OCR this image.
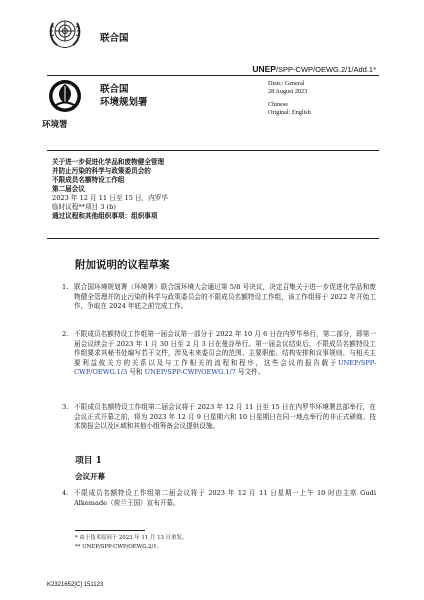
联合国
UNEP/SPP-CWP/OEWG.2/1/Add.1*
联合国
环境规划署
环境署
Distr.: General
28 August 2023
Chinese
Original: English
关于进一步促进化学品和废物健全管理
并防止污染的科学与政策委员会的
不限成员名额特设工作组
第二届会议
2023 年 12 月 11 日至 15 日，内罗毕
临时议程**项目 3 (b)
通过议程和其他组织事项：组织事项
附加说明的议程草案
1. 联合国环境规划署（环境署）联合国环境大会通过第 5/8 号决议，决定召集关于进一步促进化学品和废物健全管理并防止污染的科学与政策委员会的不限成员名额特设工作组，该工作组将于 2022 年开始工作，争取在 2024 年底之前完成工作。
2. 不限成员名额特设工作组第一届会议第一部分于 2022 年 10 月 6 日在内罗毕举行，第二部分，即第一届会议续会于 2023 年 1 月 30 日至 2 月 3 日在曼谷举行。第一届会议结束后，不限成员名额特设工作组要求其秘书处编写若干文件，涉及未来委员会的范围、主要职能、结构安排和议事规则、与相关主要利益攸关方的关系以及与工作相关的流程和程序，这些会议的报告载于UNEP/SPP-CWP/OEWG.1/3 号和 UNEP/SPP-CWP/OEWG.1/7 号文件。
3. 不限成员名额特设工作组第二届会议将于 2023 年 12 月 11 日至 15 日在内罗毕环境署总部举行，在会议正式开幕之前，将为 2023 年 12 月 9 日星期六和 10 日星期日在同一地点举行的非正式磋商、技术简报会以及区域和其他小组筹备会议提供设施。
项目 1
会议开幕
4. 不限成员名额特设工作组第二届会议将于 2023 年 12 月 11 日星期一上午 10 时由主席 Gudi Alkemade（荷兰王国）宣布开幕。
* 由于技术原因于 2023 年 11 月 13 日重发。
** UNEP/SPP-CWP/OEWG.2/1。
K2321652[C] 151123
